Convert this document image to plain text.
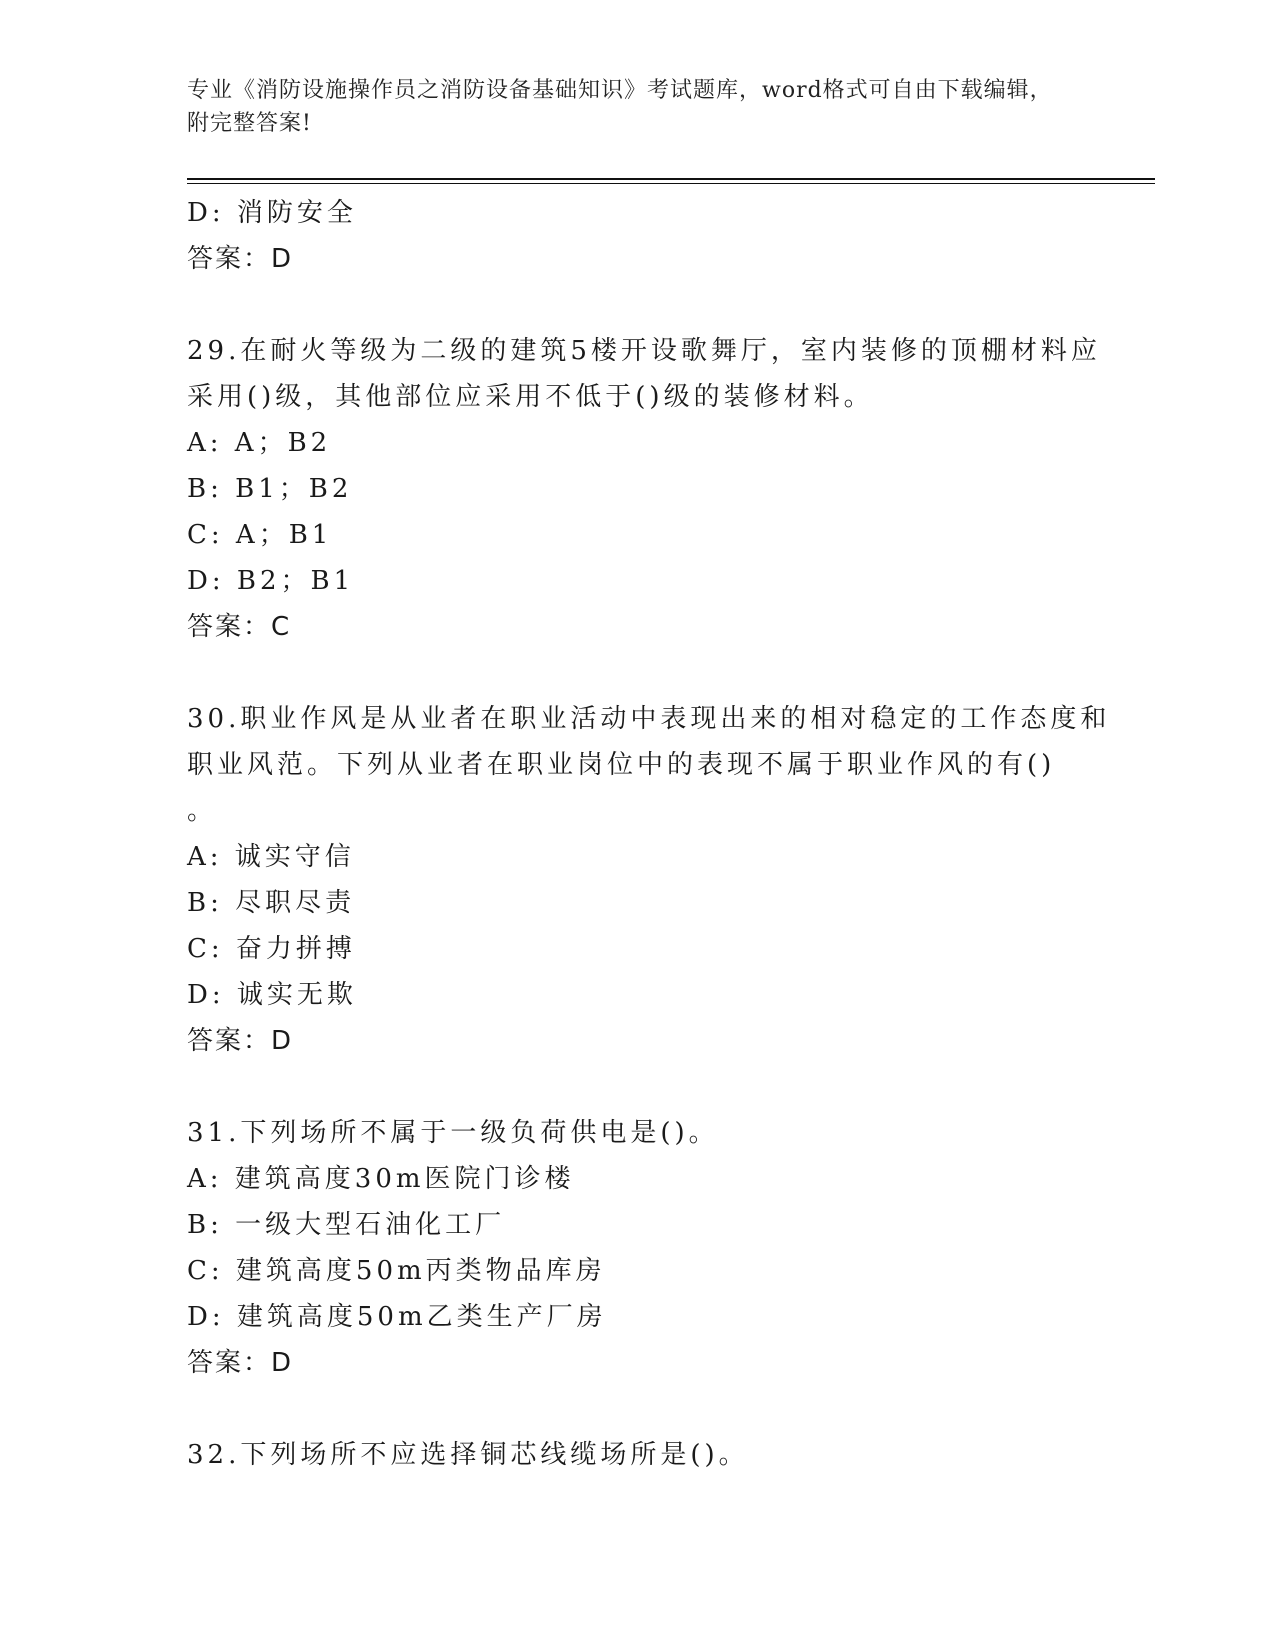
专业《消防设施操作员之消防设备基础知识》考试题库，word格式可自由下载编辑，附完整答案!
D: 消防安全
答案：D
29.在耐火等级为二级的建筑5楼开设歌舞厅，室内装修的顶棚材料应
采用()级，其他部位应采用不低于()级的装修材料。
A: A；B2
B: B1；B2
C: A；B1
D: B2；B1
答案：C
30.职业作风是从业者在职业活动中表现出来的相对稳定的工作态度和
职业风范。下列从业者在职业岗位中的表现不属于职业作风的有()
。
A: 诚实守信
B: 尽职尽责
C: 奋力拼搏
D: 诚实无欺
答案：D
31.下列场所不属于一级负荷供电是()。
A: 建筑高度30m医院门诊楼
B: 一级大型石油化工厂
C: 建筑高度50m丙类物品库房
D: 建筑高度50m乙类生产厂房
答案：D
32.下列场所不应选择铜芯线缆场所是()。
